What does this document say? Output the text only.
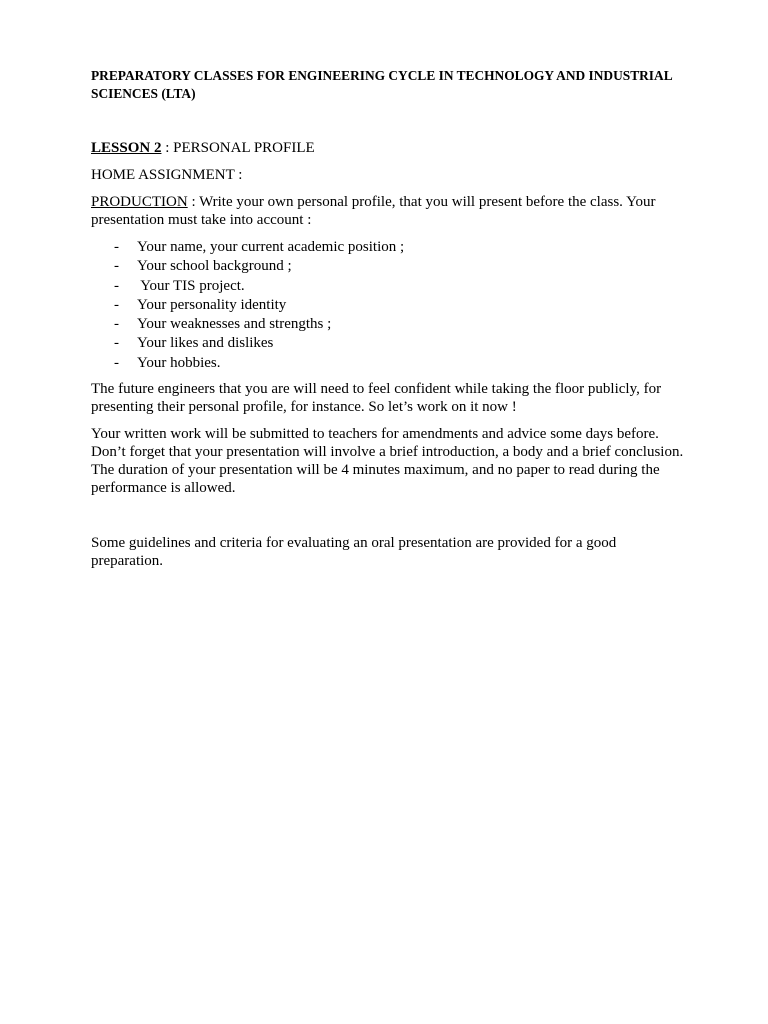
PREPARATORY CLASSES FOR ENGINEERING CYCLE IN TECHNOLOGY AND INDUSTRIAL SCIENCES (LTA)

LESSON 2 : PERSONAL PROFILE

HOME ASSIGNMENT :

PRODUCTION : Write your own personal profile, that you will present before the class. Your presentation must take into account :

- Your name, your current academic position ;
- Your school background ;
- Your TIS project.
- Your personality identity
- Your weaknesses and strengths ;
- Your likes and dislikes
- Your hobbies.

The future engineers that you are will need to feel confident while taking the floor publicly, for presenting their personal profile, for instance. So let’s work on it now !

Your written work will be submitted to teachers for amendments and advice some days before. Don’t forget that your presentation will involve a brief introduction, a body and a brief conclusion. The duration of your presentation will be 4 minutes maximum, and no paper to read during the performance is allowed.

Some guidelines and criteria for evaluating an oral presentation are provided for a good preparation.
